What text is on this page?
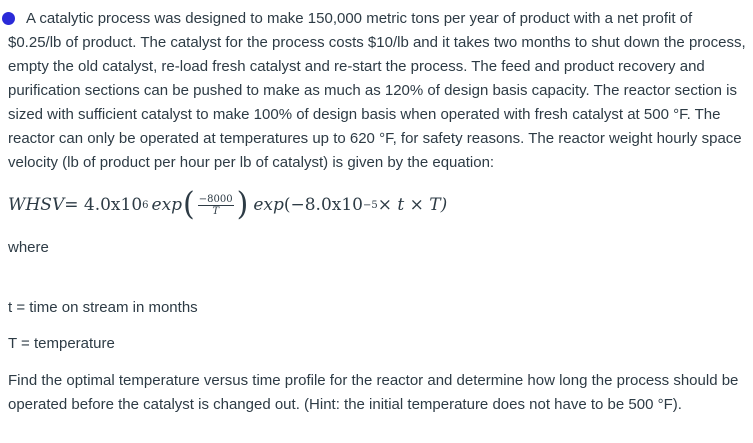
A catalytic process was designed to make 150,000 metric tons per year of product with a net profit of $0.25/lb of product. The catalyst for the process costs $10/lb and it takes two months to shut down the process, empty the old catalyst, re-load fresh catalyst and re-start the process. The feed and product recovery and purification sections can be pushed to make as much as 120% of design basis capacity. The reactor section is sized with sufficient catalyst to make 100% of design basis when operated with fresh catalyst at 500 °F. The reactor can only be operated at temperatures up to 620 °F, for safety reasons. The reactor weight hourly space velocity (lb of product per hour per lb of catalyst) is given by the equation:

WHSV = 4.0x10 6 exp ( $\frac{-8000}{T}$ ) exp (−8.0x10 −5 × t × T)

where

t = time on stream in months

T = temperature

Find the optimal temperature versus time profile for the reactor and determine how long the process should be operated before the catalyst is changed out. (Hint: the initial temperature does not have to be 500 °F).
